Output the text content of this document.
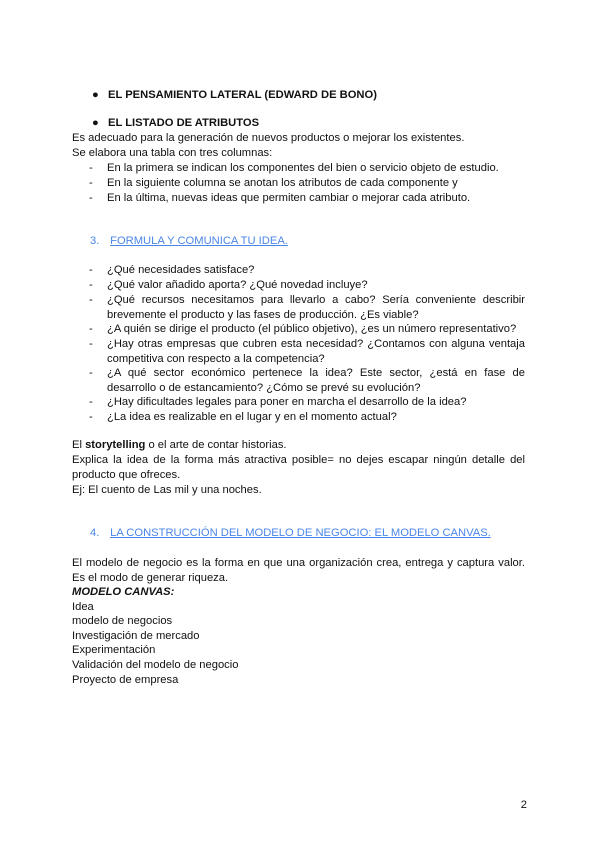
● EL PENSAMIENTO LATERAL (EDWARD DE BONO)
● EL LISTADO DE ATRIBUTOS
Es adecuado para la generación de nuevos productos o mejorar los existentes.
Se elabora una tabla con tres columnas:
- En la primera se indican los componentes del bien o servicio objeto de estudio.
- En la siguiente columna se anotan los atributos de cada componente y
- En la última, nuevas ideas que permiten cambiar o mejorar cada atributo.
3. FORMULA Y COMUNICA TU IDEA.
- ¿Qué necesidades satisface?
- ¿Qué valor añadido aporta? ¿Qué novedad incluye?
- ¿Qué recursos necesitamos para llevarlo a cabo? Sería conveniente describir brevemente el producto y las fases de producción. ¿Es viable?
- ¿A quién se dirige el producto (el público objetivo), ¿es un número representativo?
- ¿Hay otras empresas que cubren esta necesidad? ¿Contamos con alguna ventaja competitiva con respecto a la competencia?
- ¿A qué sector económico pertenece la idea? Este sector, ¿está en fase de desarrollo o de estancamiento? ¿Cómo se prevé su evolución?
- ¿Hay dificultades legales para poner en marcha el desarrollo de la idea?
- ¿La idea es realizable en el lugar y en el momento actual?
El storytelling o el arte de contar historias.
Explica la idea de la forma más atractiva posible= no dejes escapar ningún detalle del producto que ofreces.
Ej: El cuento de Las mil y una noches.
4. LA CONSTRUCCIÓN DEL MODELO DE NEGOCIO: EL MODELO CANVAS.
El modelo de negocio es la forma en que una organización crea, entrega y captura valor. Es el modo de generar riqueza.
MODELO CANVAS:
Idea
modelo de negocios
Investigación de mercado
Experimentación
Validación del modelo de negocio
Proyecto de empresa
2
